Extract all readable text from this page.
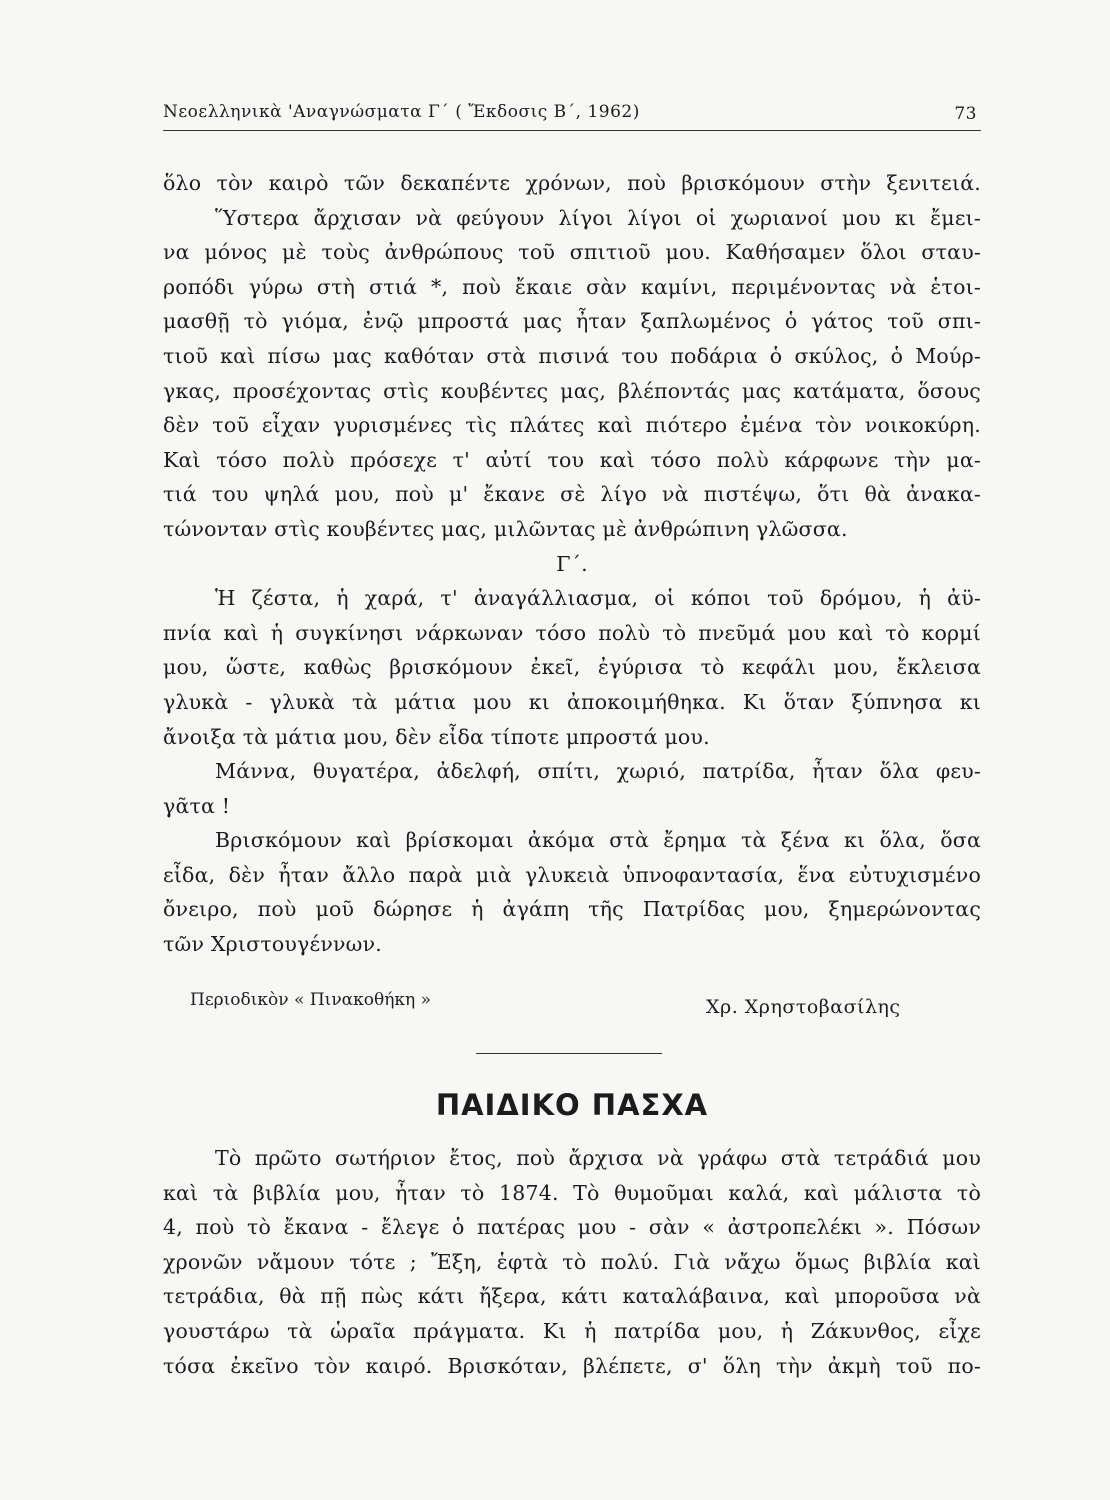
Νεοελληνικὰ 'Αναγνώσματα Γ΄ ( Ἔκδοσις Β΄, 1962)	73

ὅλο τὸν καιρὸ τῶν δεκαπέντε χρόνων, ποὺ βρισκόμουν στὴν ξενιτειά.

Ὕστερα ἄρχισαν νὰ φεύγουν λίγοι λίγοι οἱ χωριανοί μου κι ἔμει-

να μόνος μὲ τοὺς ἀνθρώπους τοῦ σπιτιοῦ μου. Καθήσαμεν ὅλοι σταυ-

ροπόδι γύρω στὴ στιά *, ποὺ ἔκαιε σὰν καμίνι, περιμένοντας νὰ ἑτοι-

μασθῇ τὸ γιόμα, ἐνῷ μπροστά μας ἦταν ξαπλωμένος ὁ γάτος τοῦ σπι-

τιοῦ καὶ πίσω μας καθόταν στὰ πισινά του ποδάρια ὁ σκύλος, ὁ Μούρ-

γκας, προσέχοντας στὶς κουβέντες μας, βλέποντάς μας κατάματα, ὅσους

δὲν τοῦ εἶχαν γυρισμένες τὶς πλάτες καὶ πιότερο ἐμένα τὸν νοικοκύρη.

Καὶ τόσο πολὺ πρόσεχε τ' αὐτί του καὶ τόσο πολὺ κάρφωνε τὴν μα-

τιά του ψηλά μου, ποὺ μ' ἔκανε σὲ λίγο νὰ πιστέψω, ὅτι θὰ ἀνακα-

τώνονταν στὶς κουβέντες μας, μιλῶντας μὲ ἀνθρώπινη γλῶσσα.

Γ΄.

Ἡ ζέστα, ἡ χαρά, τ' ἀναγάλλιασμα, οἱ κόποι τοῦ δρόμου, ἡ ἀϋ-

πνία καὶ ἡ συγκίνησι νάρκωναν τόσο πολὺ τὸ πνεῦμά μου καὶ τὸ κορμί

μου, ὥστε, καθὼς βρισκόμουν ἐκεῖ, ἐγύρισα τὸ κεφάλι μου, ἔκλεισα

γλυκὰ - γλυκὰ τὰ μάτια μου κι ἀποκοιμήθηκα. Κι ὅταν ξύπνησα κι

ἄνοιξα τὰ μάτια μου, δὲν εἶδα τίποτε μπροστά μου.

Μάννα, θυγατέρα, ἀδελφή, σπίτι, χωριό, πατρίδα, ἦταν ὅλα φευ-

γᾶτα !

Βρισκόμουν καὶ βρίσκομαι ἀκόμα στὰ ἔρημα τὰ ξένα κι ὅλα, ὅσα

εἶδα, δὲν ἦταν ἄλλο παρὰ μιὰ γλυκειὰ ὑπνοφαντασία, ἕνα εὐτυχισμένο

ὄνειρο, ποὺ μοῦ δώρησε ἡ ἀγάπη τῆς Πατρίδας μου, ξημερώνοντας

τῶν Χριστουγέννων.

Περιοδικὸν « Πινακοθήκη »	Χρ. Χρηστοβασίλης
ΠΑΙΔΙΚΟ ΠΑΣΧΑ

Τὸ πρῶτο σωτήριον ἔτος, ποὺ ἄρχισα νὰ γράφω στὰ τετράδιά μου

καὶ τὰ βιβλία μου, ἦταν τὸ 1874. Τὸ θυμοῦμαι καλά, καὶ μάλιστα τὸ

4, ποὺ τὸ ἔκανα - ἔλεγε ὁ πατέρας μου - σὰν « ἀστροπελέκι ». Πόσων

χρονῶν νἄμουν τότε ; Ἔξη, ἑφτὰ τὸ πολύ. Γιὰ νἄχω ὅμως βιβλία καὶ

τετράδια, θὰ πῇ πὼς κάτι ἤξερα, κάτι καταλάβαινα, καὶ μποροῦσα νὰ

γουστάρω τὰ ὡραῖα πράγματα. Κι ἡ πατρίδα μου, ἡ Ζάκυνθος, εἶχε

τόσα ἐκεῖνο τὸν καιρό. Βρισκόταν, βλέπετε, σ' ὅλη τὴν ἀκμὴ τοῦ πο-
